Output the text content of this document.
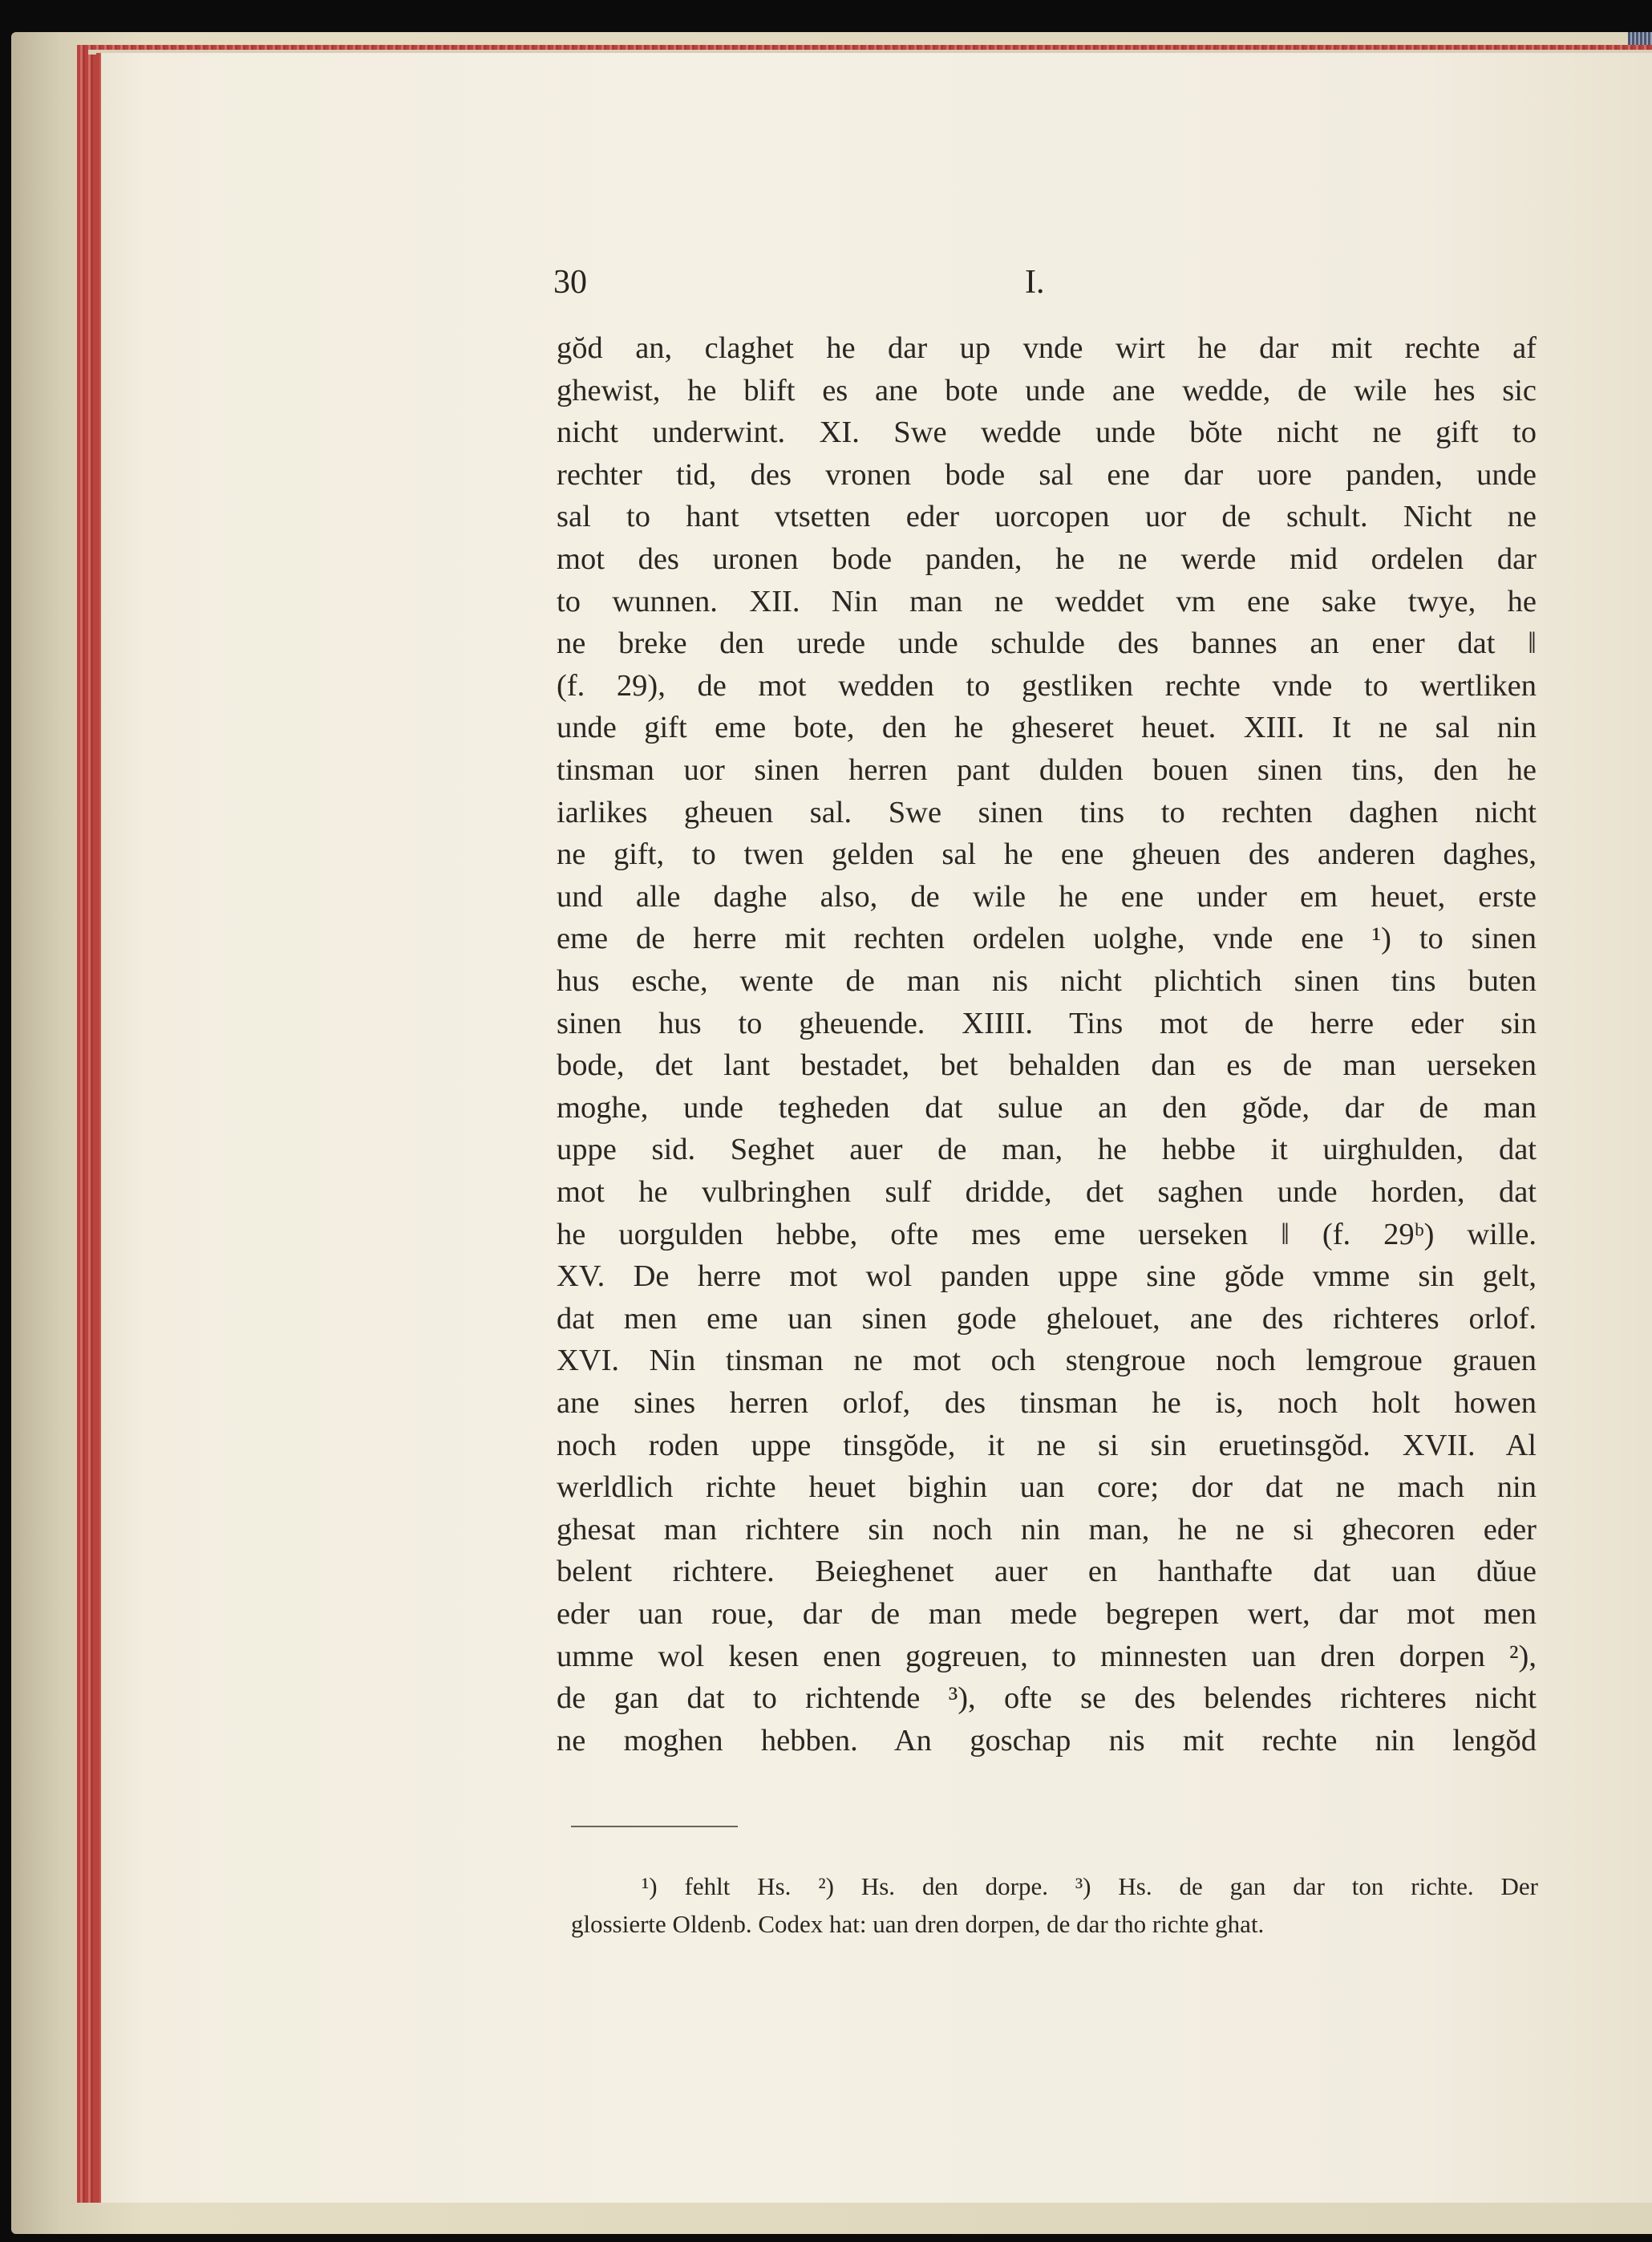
30	I.
gŏd an, claghet he dar up vnde wirt he dar mit rechte af
ghewist, he blift es ane bote unde ane wedde, de wile hes sic
nicht underwint. XI. Swe wedde unde bŏte nicht ne gift to
rechter tid, des vronen bode sal ene dar uore panden, unde
sal to hant vtsetten eder uorcopen uor de schult. Nicht ne
mot des uronen bode panden, he ne werde mid ordelen dar
to wunnen. XII. Nin man ne weddet vm ene sake twye, he
ne breke den urede unde schulde des bannes an ener dat ‖
(f. 29), de mot wedden to gestliken rechte vnde to wertliken
unde gift eme bote, den he gheseret heuet. XIII. It ne sal nin
tinsman uor sinen herren pant dulden bouen sinen tins, den he
iarlikes gheuen sal. Swe sinen tins to rechten daghen nicht
ne gift, to twen gelden sal he ene gheuen des anderen daghes,
und alle daghe also, de wile he ene under em heuet, erste
eme de herre mit rechten ordelen uolghe, vnde ene ¹) to sinen
hus esche, wente de man nis nicht plichtich sinen tins buten
sinen hus to gheuende. XIIII. Tins mot de herre eder sin
bode, det lant bestadet, bet behalden dan es de man uerseken
moghe, unde tegheden dat sulue an den gŏde, dar de man
uppe sid. Seghet auer de man, he hebbe it uirghulden, dat
mot he vulbringhen sulf dridde, det saghen unde horden, dat
he uorgulden hebbe, ofte mes eme uerseken ‖ (f. 29ᵇ) wille.
XV. De herre mot wol panden uppe sine gŏde vmme sin gelt,
dat men eme uan sinen gode ghelouet, ane des richteres orlof.
XVI. Nin tinsman ne mot och stengroue noch lemgroue grauen
ane sines herren orlof, des tinsman he is, noch holt howen
noch roden uppe tinsgŏde, it ne si sin eruetinsgŏd. XVII. Al
werldlich richte heuet bighin uan core; dor dat ne mach nin
ghesat man richtere sin noch nin man, he ne si ghecoren eder
belent richtere. Beieghenet auer en hanthafte dat uan dŭue
eder uan roue, dar de man mede begrepen wert, dar mot men
umme wol kesen enen gogreuen, to minnesten uan dren dorpen ²),
de gan dat to richtende ³), ofte se des belendes richteres nicht
ne moghen hebben. An goschap nis mit rechte nin lengŏd
¹) fehlt Hs. ²) Hs. den dorpe. ³) Hs. de gan dar ton richte. Der
glossierte Oldenb. Codex hat: uan dren dorpen, de dar tho richte ghat.
